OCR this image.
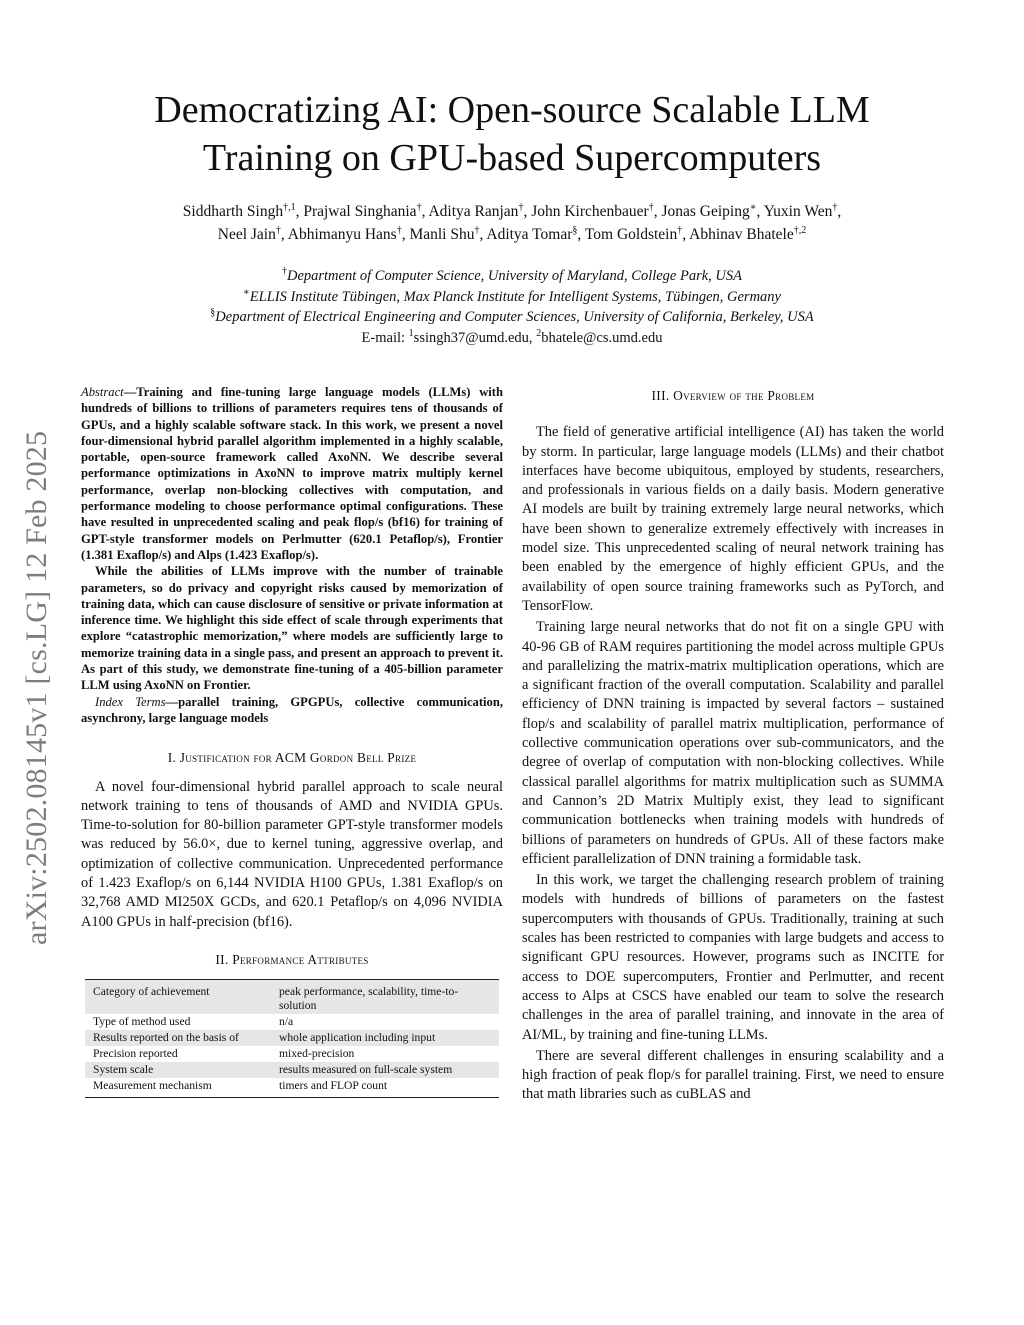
arXiv:2502.08145v1 [cs.LG] 12 Feb 2025
Democratizing AI: Open-source Scalable LLM
Training on GPU-based Supercomputers
Siddharth Singh$^{\dagger,1}$, Prajwal Singhania†, Aditya Ranjan†, John Kirchenbauer†, Jonas Geiping∗, Yuxin Wen†,
Neel Jain†, Abhimanyu Hans†, Manli Shu†, Aditya Tomar§, Tom Goldstein†, Abhinav Bhatele$^{\dagger,2}$
†Department of Computer Science, University of Maryland, College Park, USA
∗ELLIS Institute Tübingen, Max Planck Institute for Intelligent Systems, Tübingen, Germany
§Department of Electrical Engineering and Computer Sciences, University of California, Berkeley, USA
E-mail: $^1$ssingh37@umd.edu, $^2$bhatele@cs.umd.edu

Abstract—Training and fine-tuning large language models (LLMs) with hundreds of billions to trillions of parameters requires tens of thousands of GPUs, and a highly scalable software stack. In this work, we present a novel four-dimensional hybrid parallel algorithm implemented in a highly scalable, portable, open-source framework called AxoNN. We describe several performance optimizations in AxoNN to improve matrix multiply kernel performance, overlap non-blocking collectives with computation, and performance modeling to choose performance optimal configurations. These have resulted in unprecedented scaling and peak flop/s (bf16) for training of GPT-style transformer models on Perlmutter (620.1 Petaflop/s), Frontier (1.381 Exaflop/s) and Alps (1.423 Exaflop/s).

While the abilities of LLMs improve with the number of trainable parameters, so do privacy and copyright risks caused by memorization of training data, which can cause disclosure of sensitive or private information at inference time. We highlight this side effect of scale through experiments that explore “catastrophic memorization,” where models are sufficiently large to memorize training data in a single pass, and present an approach to prevent it. As part of this study, we demonstrate fine-tuning of a 405-billion parameter LLM using AxoNN on Frontier.

Index Terms—parallel training, GPGPUs, collective communication, asynchrony, large language models

I. Justification for ACM Gordon Bell Prize

A novel four-dimensional hybrid parallel approach to scale neural network training to tens of thousands of AMD and NVIDIA GPUs. Time-to-solution for 80-billion parameter GPT-style transformer models was reduced by 56.0×, due to kernel tuning, aggressive overlap, and optimization of collective communication. Unprecedented performance of 1.423 Exaflop/s on 6,144 NVIDIA H100 GPUs, 1.381 Exaflop/s on 32,768 AMD MI250X GCDs, and 620.1 Petaflop/s on 4,096 NVIDIA A100 GPUs in half-precision (bf16).

II. Performance Attributes
Category of achievement	peak performance, scalability, time-to-solution
Type of method used	n/a
Results reported on the basis of	whole application including input
Precision reported	mixed-precision
System scale	results measured on full-scale system
Measurement mechanism	timers and FLOP count
III. Overview of the Problem

The field of generative artificial intelligence (AI) has taken the world by storm. In particular, large language models (LLMs) and their chatbot interfaces have become ubiquitous, employed by students, researchers, and professionals in various fields on a daily basis. Modern generative AI models are built by training extremely large neural networks, which have been shown to generalize extremely effectively with increases in model size. This unprecedented scaling of neural network training has been enabled by the emergence of highly efficient GPUs, and the availability of open source training frameworks such as PyTorch, and TensorFlow.

Training large neural networks that do not fit on a single GPU with 40-96 GB of RAM requires partitioning the model across multiple GPUs and parallelizing the matrix-matrix multiplication operations, which are a significant fraction of the overall computation. Scalability and parallel efficiency of DNN training is impacted by several factors – sustained flop/s and scalability of parallel matrix multiplication, performance of collective communication operations over sub-communicators, and the degree of overlap of computation with non-blocking collectives. While classical parallel algorithms for matrix multiplication such as SUMMA and Cannon’s 2D Matrix Multiply exist, they lead to significant communication bottlenecks when training models with hundreds of billions of parameters on hundreds of GPUs. All of these factors make efficient parallelization of DNN training a formidable task.

In this work, we target the challenging research problem of training models with hundreds of billions of parameters on the fastest supercomputers with thousands of GPUs. Traditionally, training at such scales has been restricted to companies with large budgets and access to significant GPU resources. However, programs such as INCITE for access to DOE supercomputers, Frontier and Perlmutter, and recent access to Alps at CSCS have enabled our team to solve the research challenges in the area of parallel training, and innovate in the area of AI/ML, by training and fine-tuning LLMs.

There are several different challenges in ensuring scalability and a high fraction of peak flop/s for parallel training. First, we need to ensure that math libraries such as cuBLAS and
